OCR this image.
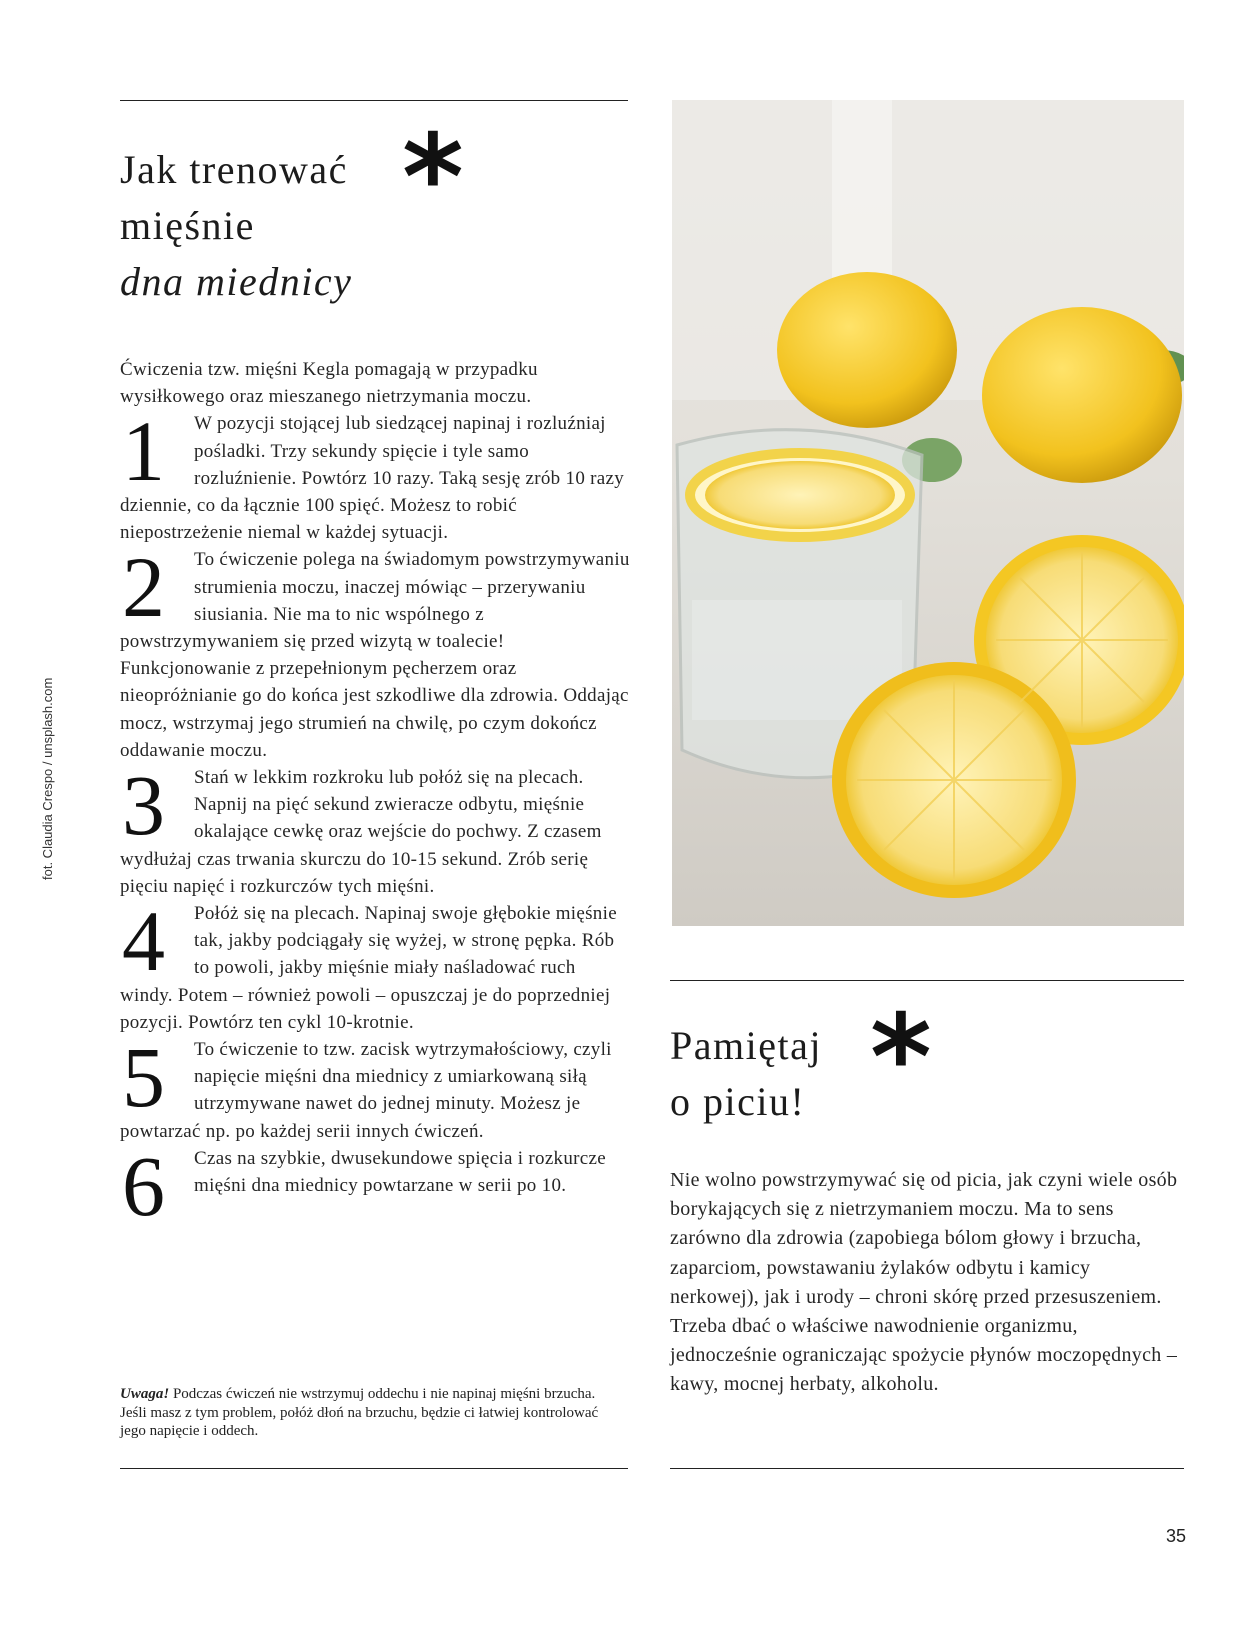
Jak trenować
mięśnie
dna miednicy
*
Ćwiczenia tzw. mięśni Kegla pomagają w przypadku wysiłkowego oraz mieszanego nietrzymania moczu.
1	W pozycji stojącej lub siedzącej napinaj i rozluźniaj pośladki. Trzy sekundy spięcie i tyle samo rozluźnienie. Powtórz 10 razy. Taką sesję zrób 10 razy dziennie, co da łącznie 100 spięć. Możesz to robić niepostrzeżenie niemal w każdej sytuacji.
2	To ćwiczenie polega na świadomym powstrzymywaniu strumienia moczu, inaczej mówiąc – przerywaniu siusiania. Nie ma to nic wspólnego z powstrzymywaniem się przed wizytą w toalecie! Funkcjonowanie z przepełnionym pęcherzem oraz nieopróżnianie go do końca jest szkodliwe dla zdrowia. Oddając mocz, wstrzymaj jego strumień na chwilę, po czym dokończ oddawanie moczu.
3	Stań w lekkim rozkroku lub połóż się na plecach. Napnij na pięć sekund zwieracze odbytu, mięśnie okalające cewkę oraz wejście do pochwy. Z czasem wydłużaj czas trwania skurczu do 10-15 sekund. Zrób serię pięciu napięć i rozkurczów tych mięśni.
4	Połóż się na plecach. Napinaj swoje głębokie mięśnie tak, jakby podciągały się wyżej, w stronę pępka. Rób to powoli, jakby mięśnie miały naśladować ruch windy. Potem – również powoli – opuszczaj je do poprzedniej pozycji. Powtórz ten cykl 10-krotnie.
5	To ćwiczenie to tzw. zacisk wytrzymałościowy, czyli napięcie mięśni dna miednicy z umiarkowaną siłą utrzymywane nawet do jednej minuty. Możesz je powtarzać np. po każdej serii innych ćwiczeń.
6	Czas na szybkie, dwusekundowe spięcia i rozkurcze mięśni dna miednicy powtarzane w serii po 10.
Uwaga! Podczas ćwiczeń nie wstrzymuj oddechu i nie napinaj mięśni brzucha. Jeśli masz z tym problem, połóż dłoń na brzuchu, będzie ci łatwiej kontrolować jego napięcie i oddech.
fot. Claudia Crespo / unsplash.com
Pamiętaj
o piciu! *
Nie wolno powstrzymywać się od picia, jak czyni wiele osób borykających się z nietrzymaniem moczu. Ma to sens zarówno dla zdrowia (zapobiega bólom głowy i brzucha, zaparciom, powstawaniu żylaków odbytu i kamicy nerkowej), jak i urody – chroni skórę przed przesuszeniem. Trzeba dbać o właściwe nawodnienie organizmu, jednocześnie ograniczając spożycie płynów moczopędnych – kawy, mocnej herbaty, alkoholu.
35
